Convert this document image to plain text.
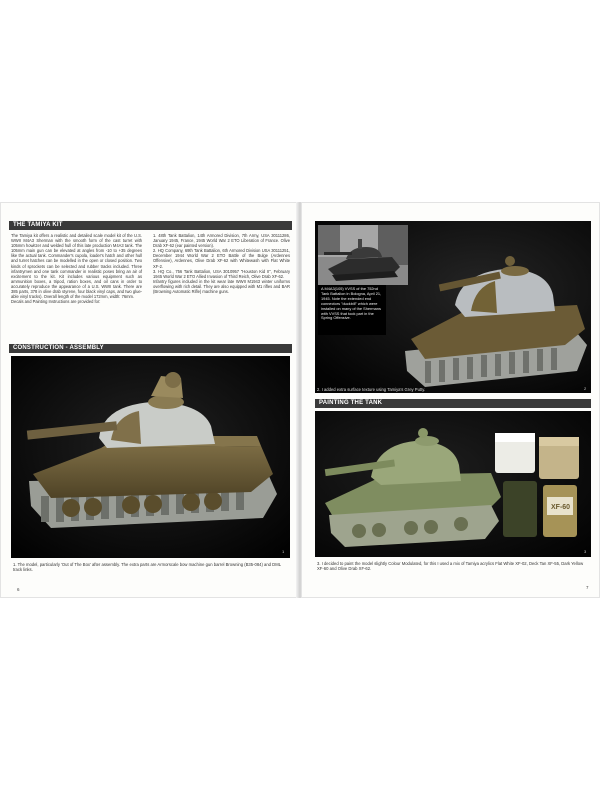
THE TAMIYA KIT
The Tamiya kit offers a realistic and detailed scale model kit of the U.S. WWII M4A3 Sherman with the smooth form of the cast turret with 105mm howitzer and welded hull of this late production M4A3 tank. The 105mm main gun can be elevated at angles from -10 to +35 degrees like the actual tank. Commander's cupola, loader's hatch and other hull and turret hatches can be modelled in the open or closed position. Two kinds of sprockets can be selected and rubber tracks included. Three infantrymen and one tank commander in realistic poses bring an air of excitement to the kit. Kit includes various equipment such as ammunition boxes, a tripod, ration boxes, and oil cans in order to accurately reproduce the appearance of a U.S. WWII tank. There are 385 parts, 378 in olive drab styrene, four black vinyl caps, and two glue-able vinyl tracks). Overall length of the model 172mm, width: 76mm.
Decals and Painting Instructions are provided for:
1. 48th Tank Battalion, 14th Armored Division, 7th Army, USA 30111286, January 1945, France, 1945 World War 2 ETO Liberation of France. Olive Drab XF-62 (ear painted version).
2. HQ Company, 69th Tank Battalion, 6th Armored Division USA 30111251, December 1944 World War 2 ETO Battle of the Bulge (Ardennes Offensive), Ardennes, Olive Drab XF-62 with Whitewash with Flat White XF-2.
3. HQ Co., 756 Tank Battalion, USA 3010957 "Houston Kid II", February 1945 World War 2 ETO Allied Invasion of Third Reich, Olive Drab XF-62.
Infantry figures included in the kit wear late WWII M1943 winter uniforms overflowing with rich detail. They are also equipped with M1 rifles and BAR (Browning Automatic Rifle) machine guns.
CONSTRUCTION - ASSEMBLY
1
1. The model, particularly 'Out of The Box' after assembly. The extra parts are Armorscale bow machine gun barrel Browning (B35-084) and DML track links.
6
A M4A3(105) VVSS of the 752nd Tank Battalion in Bologna, April 21, 1945. Note the extended end connectors "duckbill" which were installed on many of the Shermans with VVSS that took part in the Spring Offensive.
2. I added extra surface texture using Tamiya's Grey Putty.	2
PAINTING THE TANK
XF-60
3
3. I decided to paint the model slightly Colour Modulated, for this I used a mix of Tamiya acrylics Flat White XF-02, Deck Tan XF-55, Dark Yellow XF-60 and Olive Drab XF-62.
7
